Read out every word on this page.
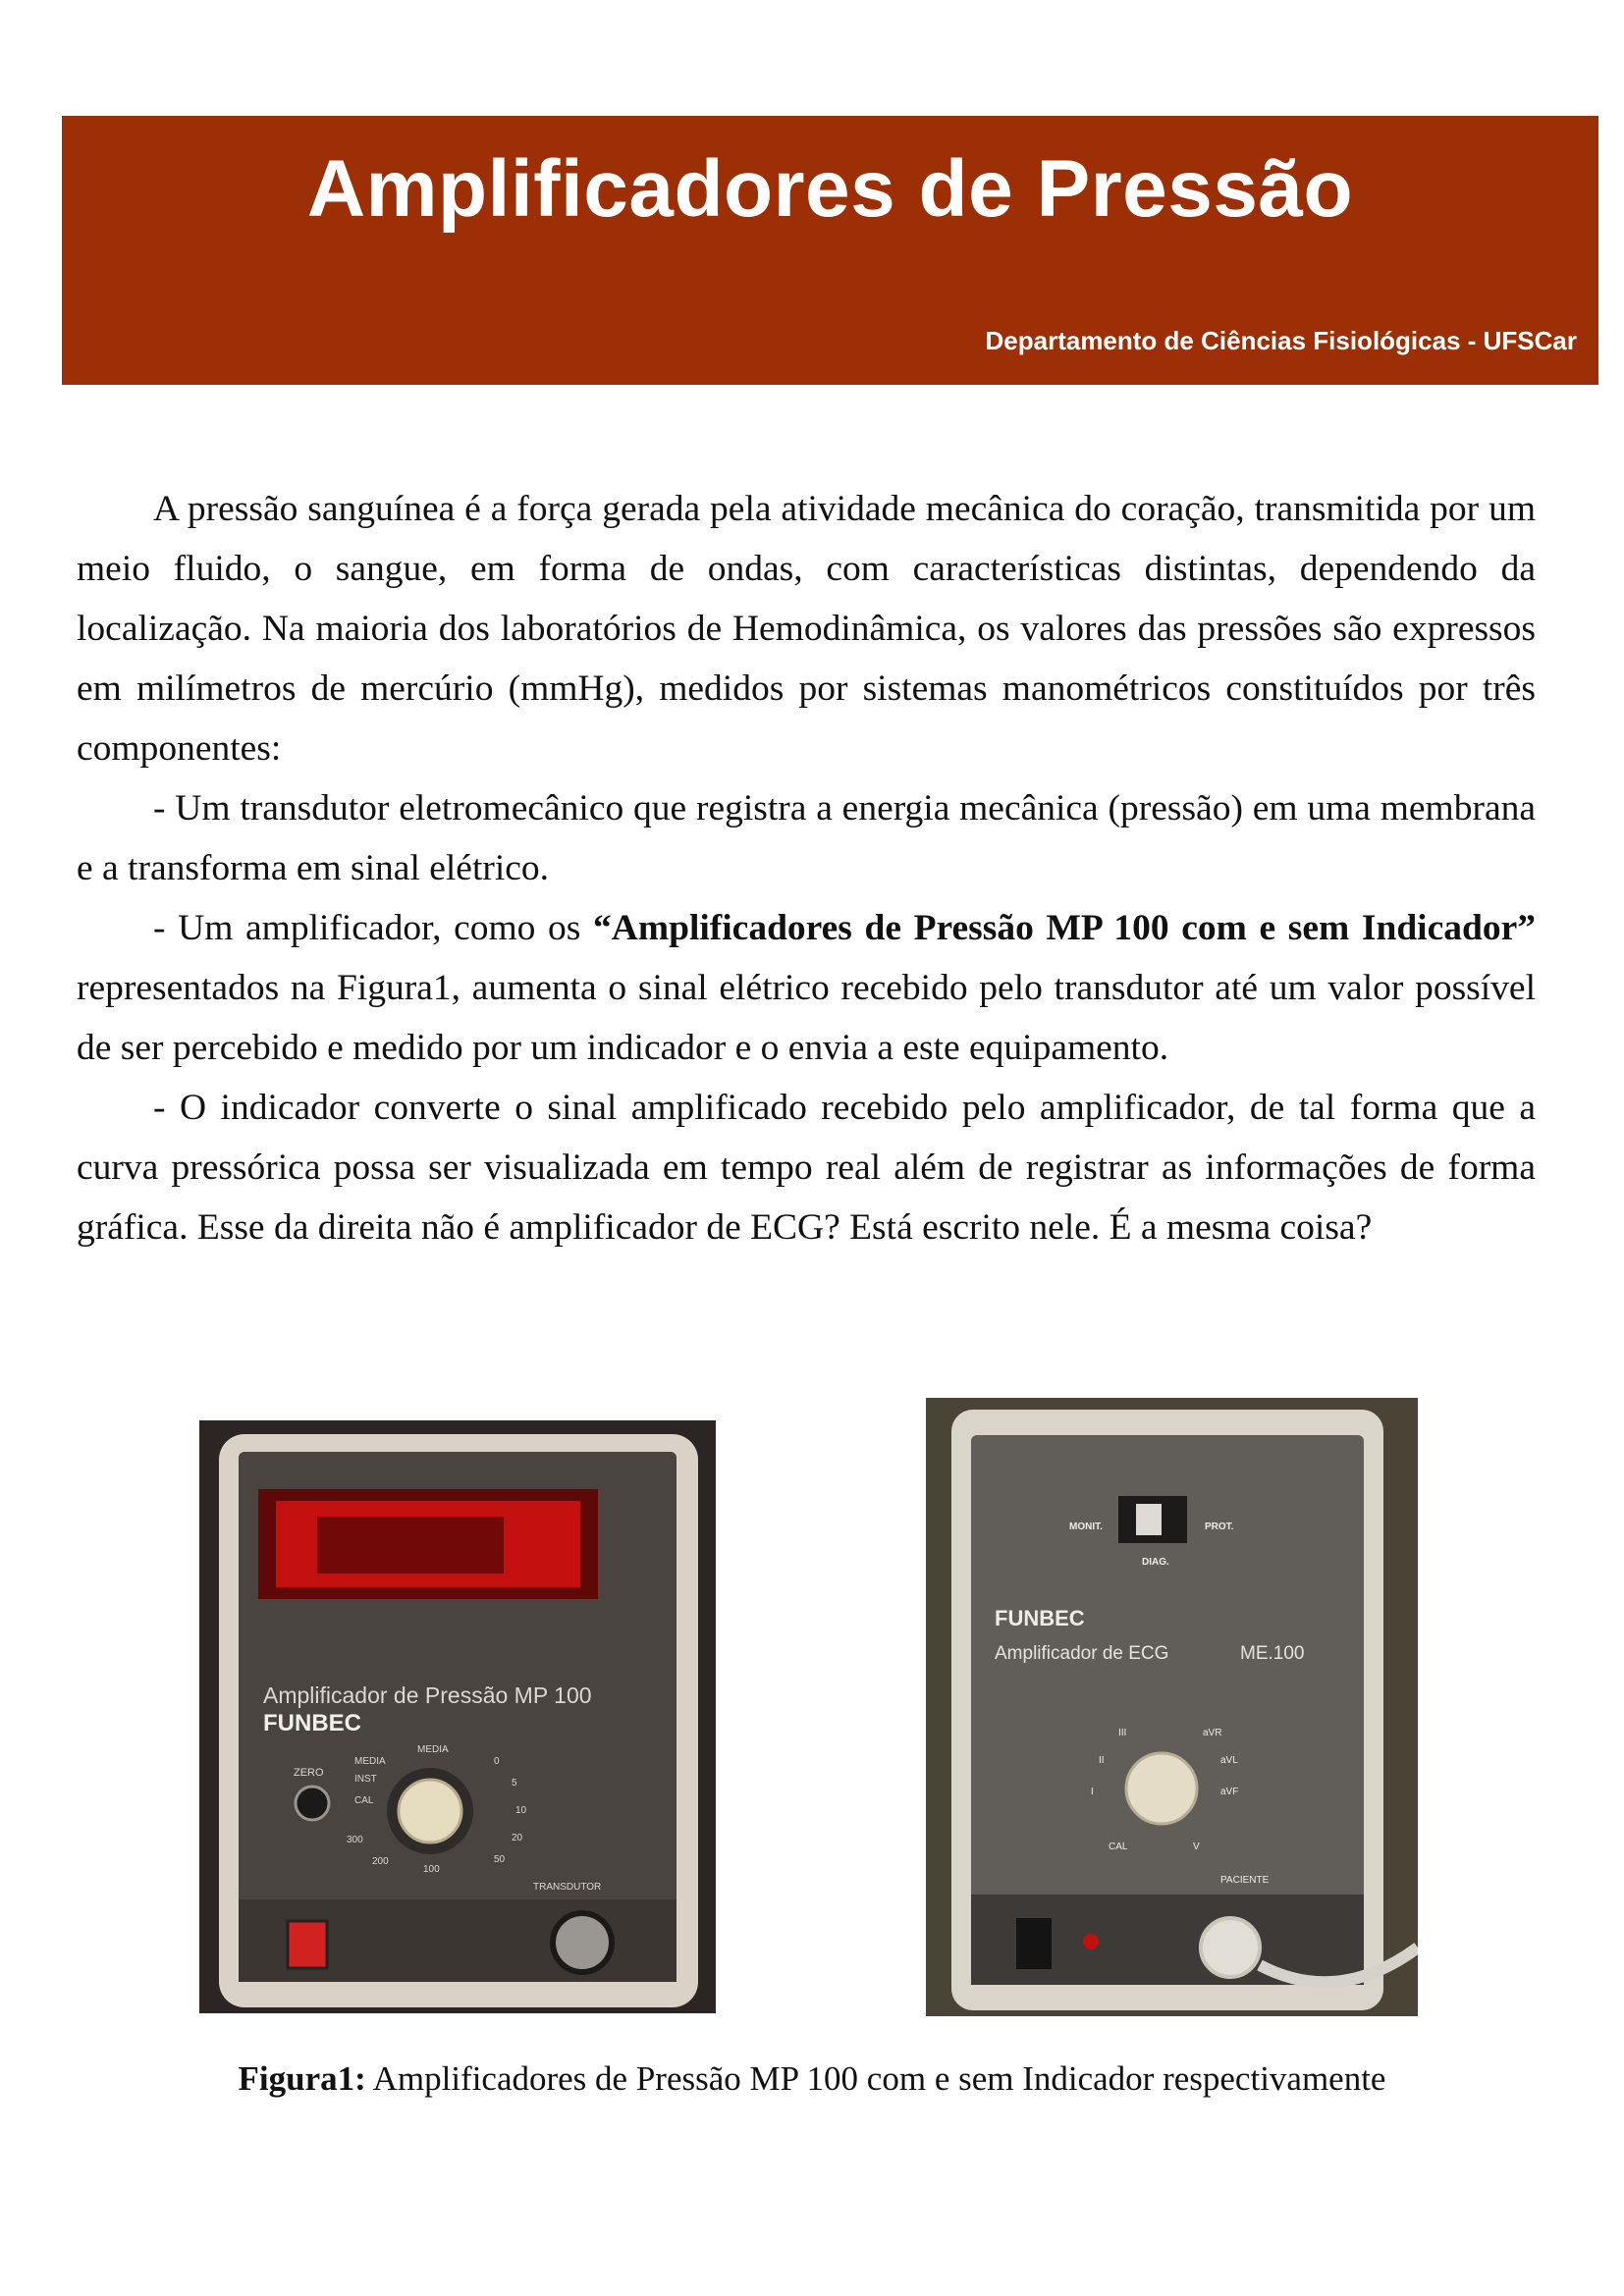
Amplificadores de Pressão
Departamento de Ciências Fisiológicas - UFSCar

A pressão sanguínea é a força gerada pela atividade mecânica do coração, transmitida por um meio fluido, o sangue, em forma de ondas, com características distintas, dependendo da localização. Na maioria dos laboratórios de Hemodinâmica, os valores das pressões são expressos em milímetros de mercúrio (mmHg), medidos por sistemas manométricos constituídos por três componentes:

- Um transdutor eletromecânico que registra a energia mecânica (pressão) em uma membrana e a transforma em sinal elétrico.

- Um amplificador, como os “Amplificadores de Pressão MP 100 com e sem Indicador” representados na Figura1, aumenta o sinal elétrico recebido pelo transdutor até um valor possível de ser percebido e medido por um indicador e o envia a este equipamento.

- O indicador converte o sinal amplificado recebido pelo amplificador, de tal forma que a curva pressórica possa ser visualizada em tempo real além de registrar as informações de forma gráfica. Esse da direita não é amplificador de ECG? Está escrito nele. É a mesma coisa?

Amplificador de Pressão MP 100
FUNBEC
ZERO
MEDIA
INST
CAL
MEDIA
0
5
10
20
50
100
200
300
TRANSDUTOR
MONIT.	PROT.
DIAG.
FUNBEC
Amplificador de ECG	ME.100
III
II
I
aVR
aVL
aVF
CAL	V
PACIENTE
Figura1: Amplificadores de Pressão MP 100 com e sem Indicador respectivamente
